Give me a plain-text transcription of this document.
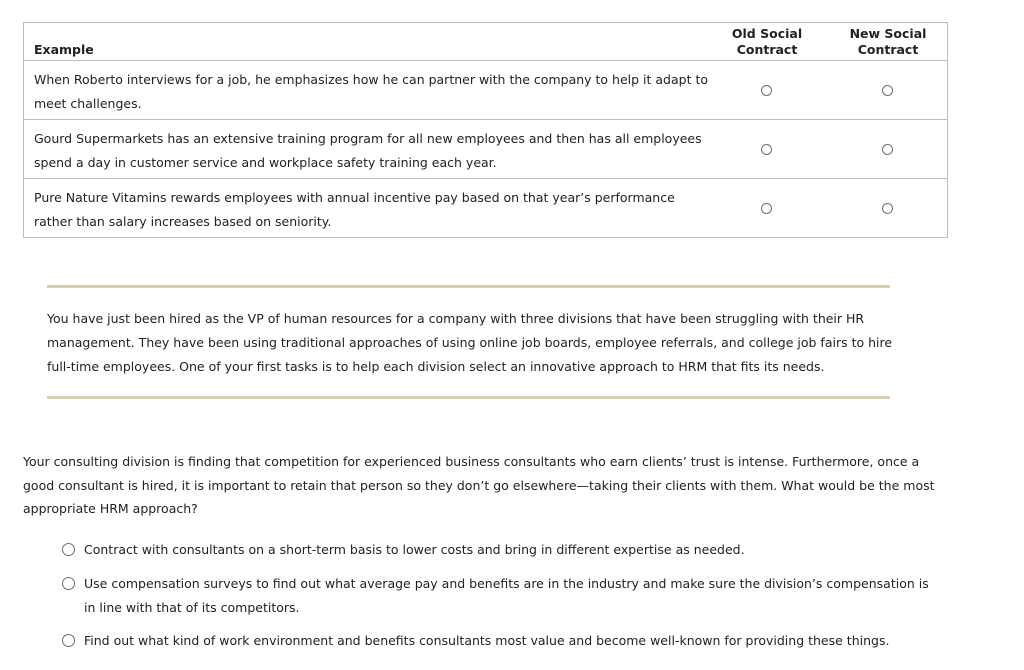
Example
Old Social Contract
New Social Contract
When Roberto interviews for a job, he emphasizes how he can partner with the company to help it adapt to meet challenges.
Gourd Supermarkets has an extensive training program for all new employees and then has all employees spend a day in customer service and workplace safety training each year.
Pure Nature Vitamins rewards employees with annual incentive pay based on that year’s performance rather than salary increases based on seniority.
You have just been hired as the VP of human resources for a company with three divisions that have been struggling with their HR management. They have been using traditional approaches of using online job boards, employee referrals, and college job fairs to hire full-time employees. One of your first tasks is to help each division select an innovative approach to HRM that fits its needs.
Your consulting division is finding that competition for experienced business consultants who earn clients’ trust is intense. Furthermore, once a good consultant is hired, it is important to retain that person so they don’t go elsewhere—taking their clients with them. What would be the most appropriate HRM approach?
Contract with consultants on a short-term basis to lower costs and bring in different expertise as needed.
Use compensation surveys to find out what average pay and benefits are in the industry and make sure the division’s compensation is in line with that of its competitors.
Find out what kind of work environment and benefits consultants most value and become well-known for providing these things.
